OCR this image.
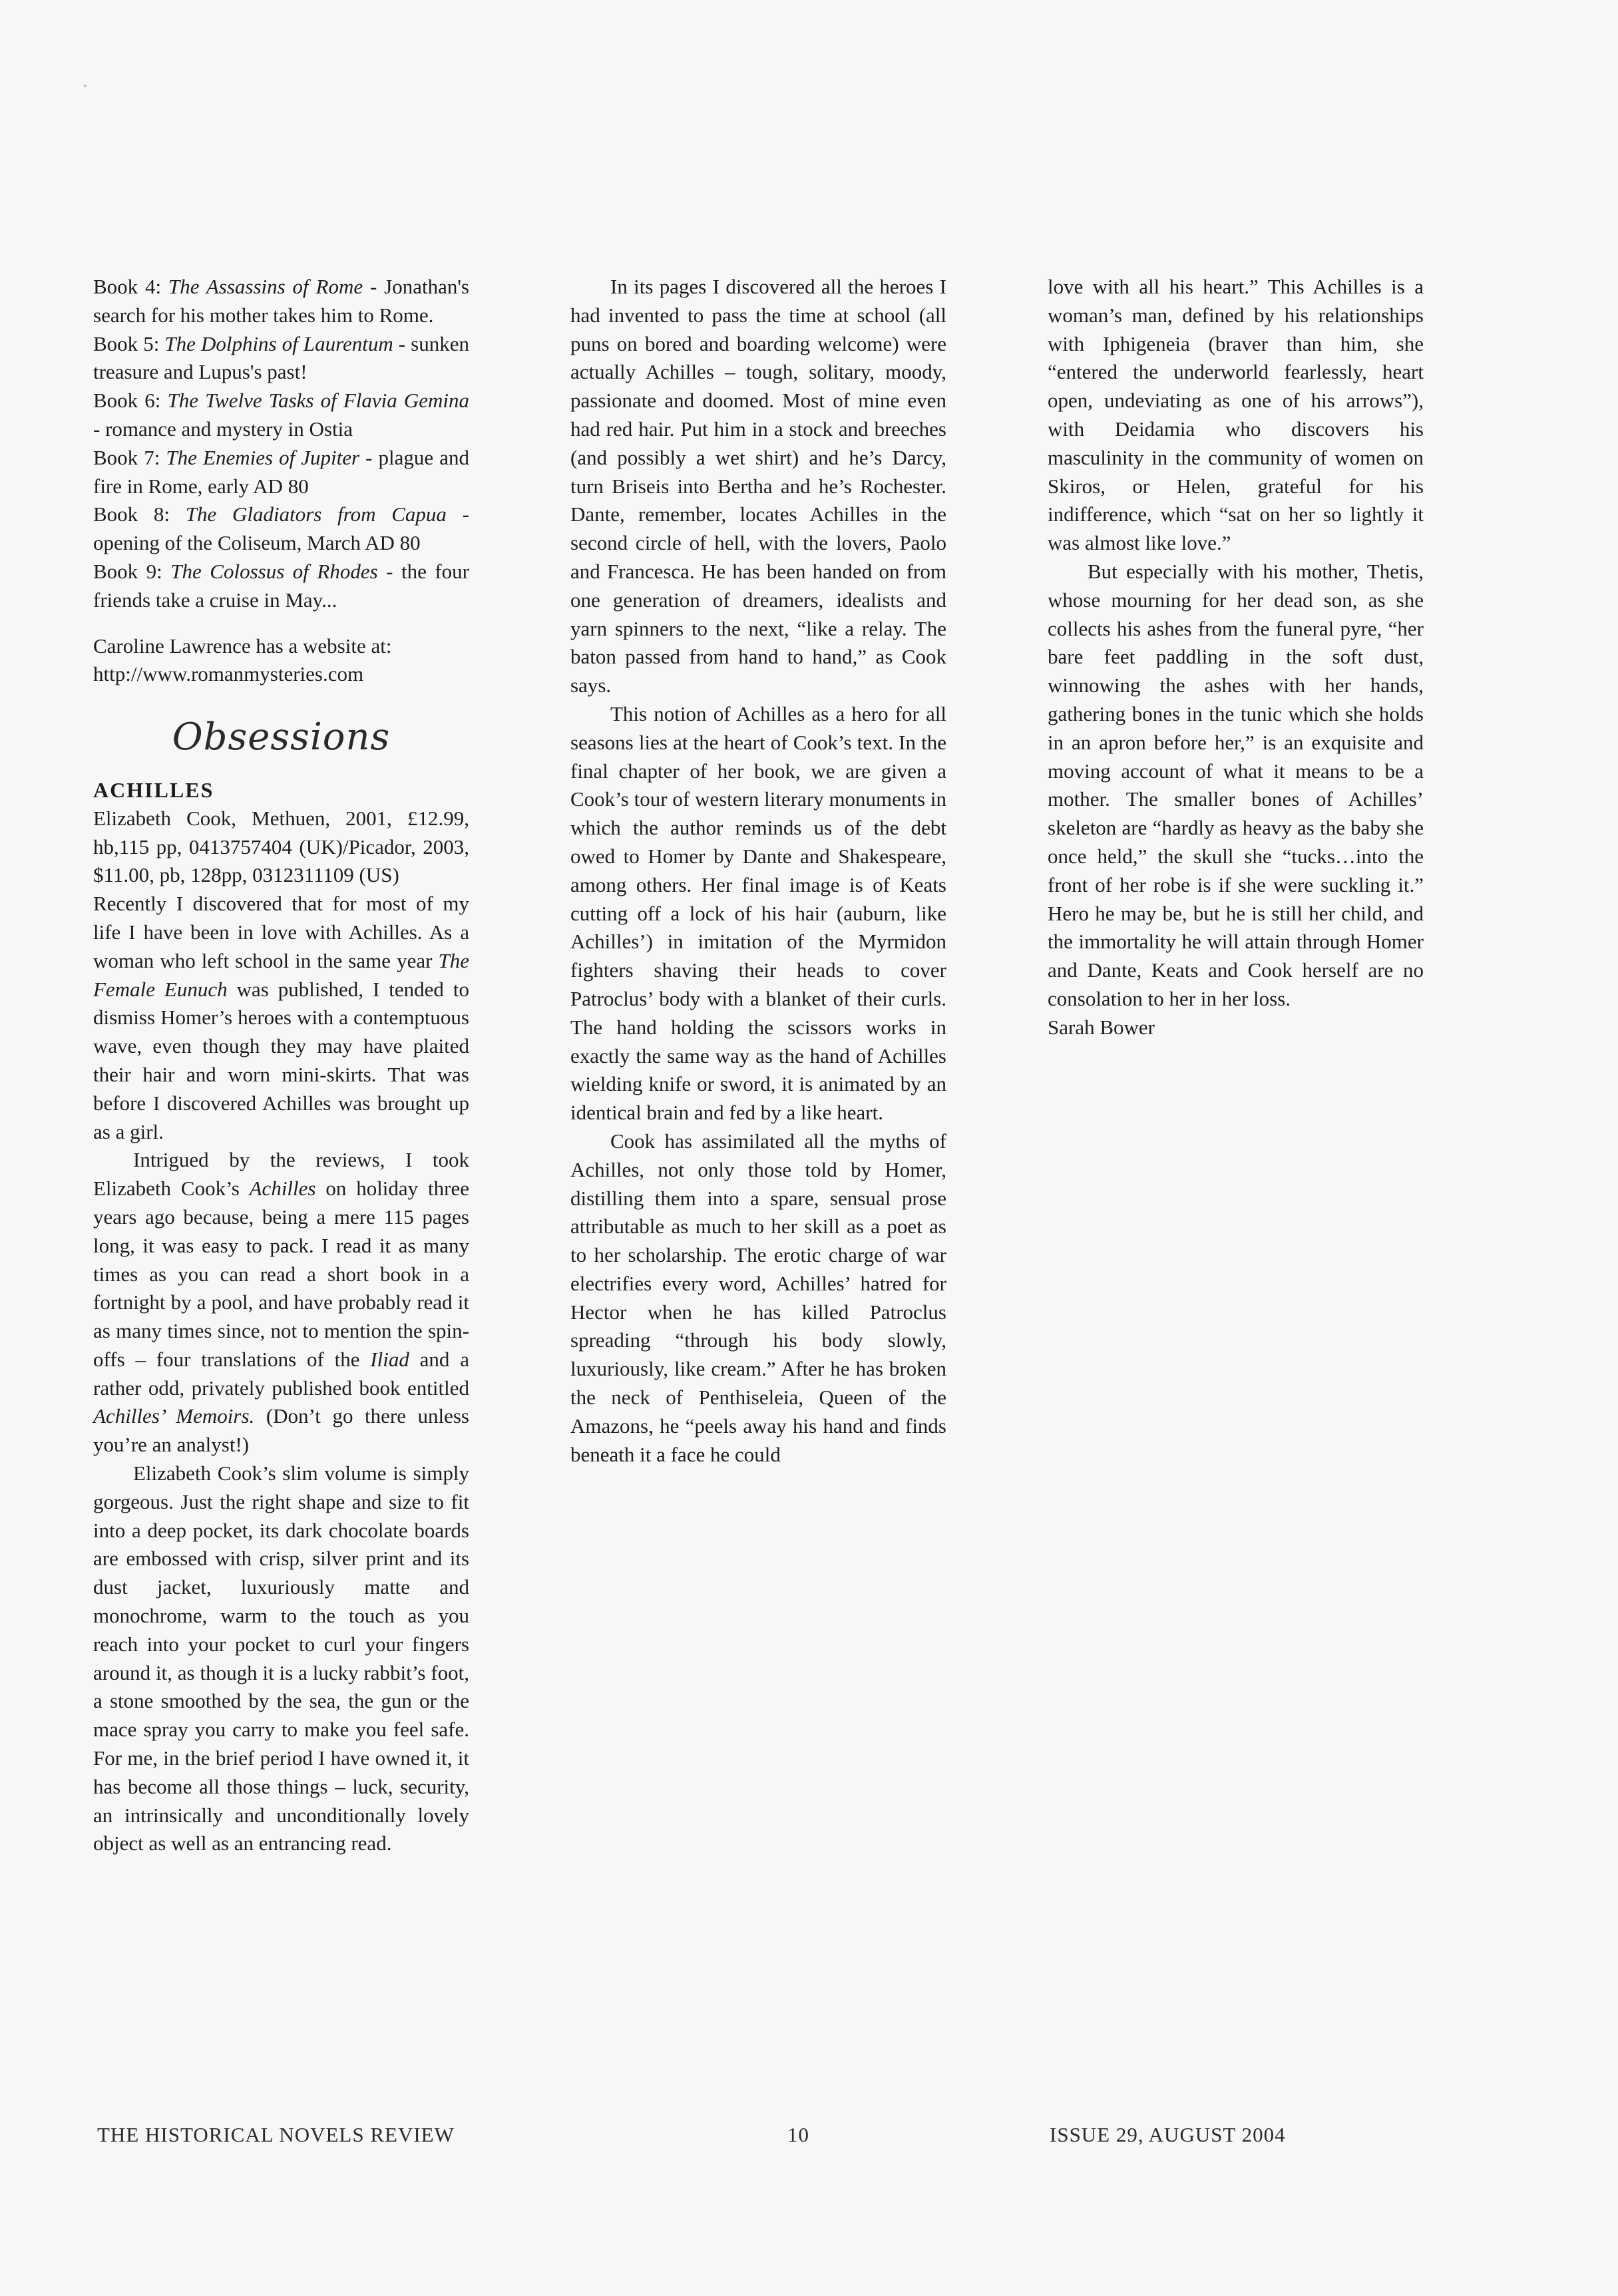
Book 4: The Assassins of Rome - Jonathan's search for his mother takes him to Rome.

Book 5: The Dolphins of Laurentum - sunken treasure and Lupus's past!

Book 6: The Twelve Tasks of Flavia Gemina - romance and mystery in Ostia

Book 7: The Enemies of Jupiter - plague and fire in Rome, early AD 80

Book 8: The Gladiators from Capua - opening of the Coliseum, March AD 80

Book 9: The Colossus of Rhodes - the four friends take a cruise in May...

Caroline Lawrence has a website at: http://www.romanmysteries.com

Obsessions

ACHILLES

Elizabeth Cook, Methuen, 2001, £12.99, hb,115 pp, 0413757404 (UK)/Picador, 2003, $11.00, pb, 128pp, 0312311109 (US)

Recently I discovered that for most of my life I have been in love with Achilles. As a woman who left school in the same year The Female Eunuch was published, I tended to dismiss Homer’s heroes with a contemptuous wave, even though they may have plaited their hair and worn mini-skirts. That was before I discovered Achilles was brought up as a girl.

Intrigued by the reviews, I took Elizabeth Cook’s Achilles on holiday three years ago because, being a mere 115 pages long, it was easy to pack. I read it as many times as you can read a short book in a fortnight by a pool, and have probably read it as many times since, not to mention the spin-offs – four translations of the Iliad and a rather odd, privately published book entitled Achilles’ Memoirs. (Don’t go there unless you’re an analyst!)

Elizabeth Cook’s slim volume is simply gorgeous. Just the right shape and size to fit into a deep pocket, its dark chocolate boards are embossed with crisp, silver print and its dust jacket, luxuriously matte and monochrome, warm to the touch as you reach into your pocket to curl your fingers around it, as though it is a lucky rabbit’s foot, a stone smoothed by the sea, the gun or the mace spray you carry to make you feel safe. For me, in the brief period I have owned it, it has become all those things – luck, security, an intrinsically and unconditionally lovely object as well as an entrancing read.

In its pages I discovered all the heroes I had invented to pass the time at school (all puns on bored and boarding welcome) were actually Achilles – tough, solitary, moody, passionate and doomed. Most of mine even had red hair. Put him in a stock and breeches (and possibly a wet shirt) and he’s Darcy, turn Briseis into Bertha and he’s Rochester. Dante, remember, locates Achilles in the second circle of hell, with the lovers, Paolo and Francesca. He has been handed on from one generation of dreamers, idealists and yarn spinners to the next, “like a relay. The baton passed from hand to hand,” as Cook says.

This notion of Achilles as a hero for all seasons lies at the heart of Cook’s text. In the final chapter of her book, we are given a Cook’s tour of western literary monuments in which the author reminds us of the debt owed to Homer by Dante and Shakespeare, among others. Her final image is of Keats cutting off a lock of his hair (auburn, like Achilles’) in imitation of the Myrmidon fighters shaving their heads to cover Patroclus’ body with a blanket of their curls. The hand holding the scissors works in exactly the same way as the hand of Achilles wielding knife or sword, it is animated by an identical brain and fed by a like heart.

Cook has assimilated all the myths of Achilles, not only those told by Homer, distilling them into a spare, sensual prose attributable as much to her skill as a poet as to her scholarship. The erotic charge of war electrifies every word, Achilles’ hatred for Hector when he has killed Patroclus spreading “through his body slowly, luxuriously, like cream.” After he has broken the neck of Penthiseleia, Queen of the Amazons, he “peels away his hand and finds beneath it a face he could

love with all his heart.” This Achilles is a woman’s man, defined by his relationships with Iphigeneia (braver than him, she “entered the underworld fearlessly, heart open, undeviating as one of his arrows”), with Deidamia who discovers his masculinity in the community of women on Skiros, or Helen, grateful for his indifference, which “sat on her so lightly it was almost like love.”

But especially with his mother, Thetis, whose mourning for her dead son, as she collects his ashes from the funeral pyre, “her bare feet paddling in the soft dust, winnowing the ashes with her hands, gathering bones in the tunic which she holds in an apron before her,” is an exquisite and moving account of what it means to be a mother. The smaller bones of Achilles’ skeleton are “hardly as heavy as the baby she once held,” the skull she “tucks…into the front of her robe is if she were suckling it.” Hero he may be, but he is still her child, and the immortality he will attain through Homer and Dante, Keats and Cook herself are no consolation to her in her loss.

Sarah Bower

THE HISTORICAL NOVELS REVIEW	10	ISSUE 29, AUGUST 2004
